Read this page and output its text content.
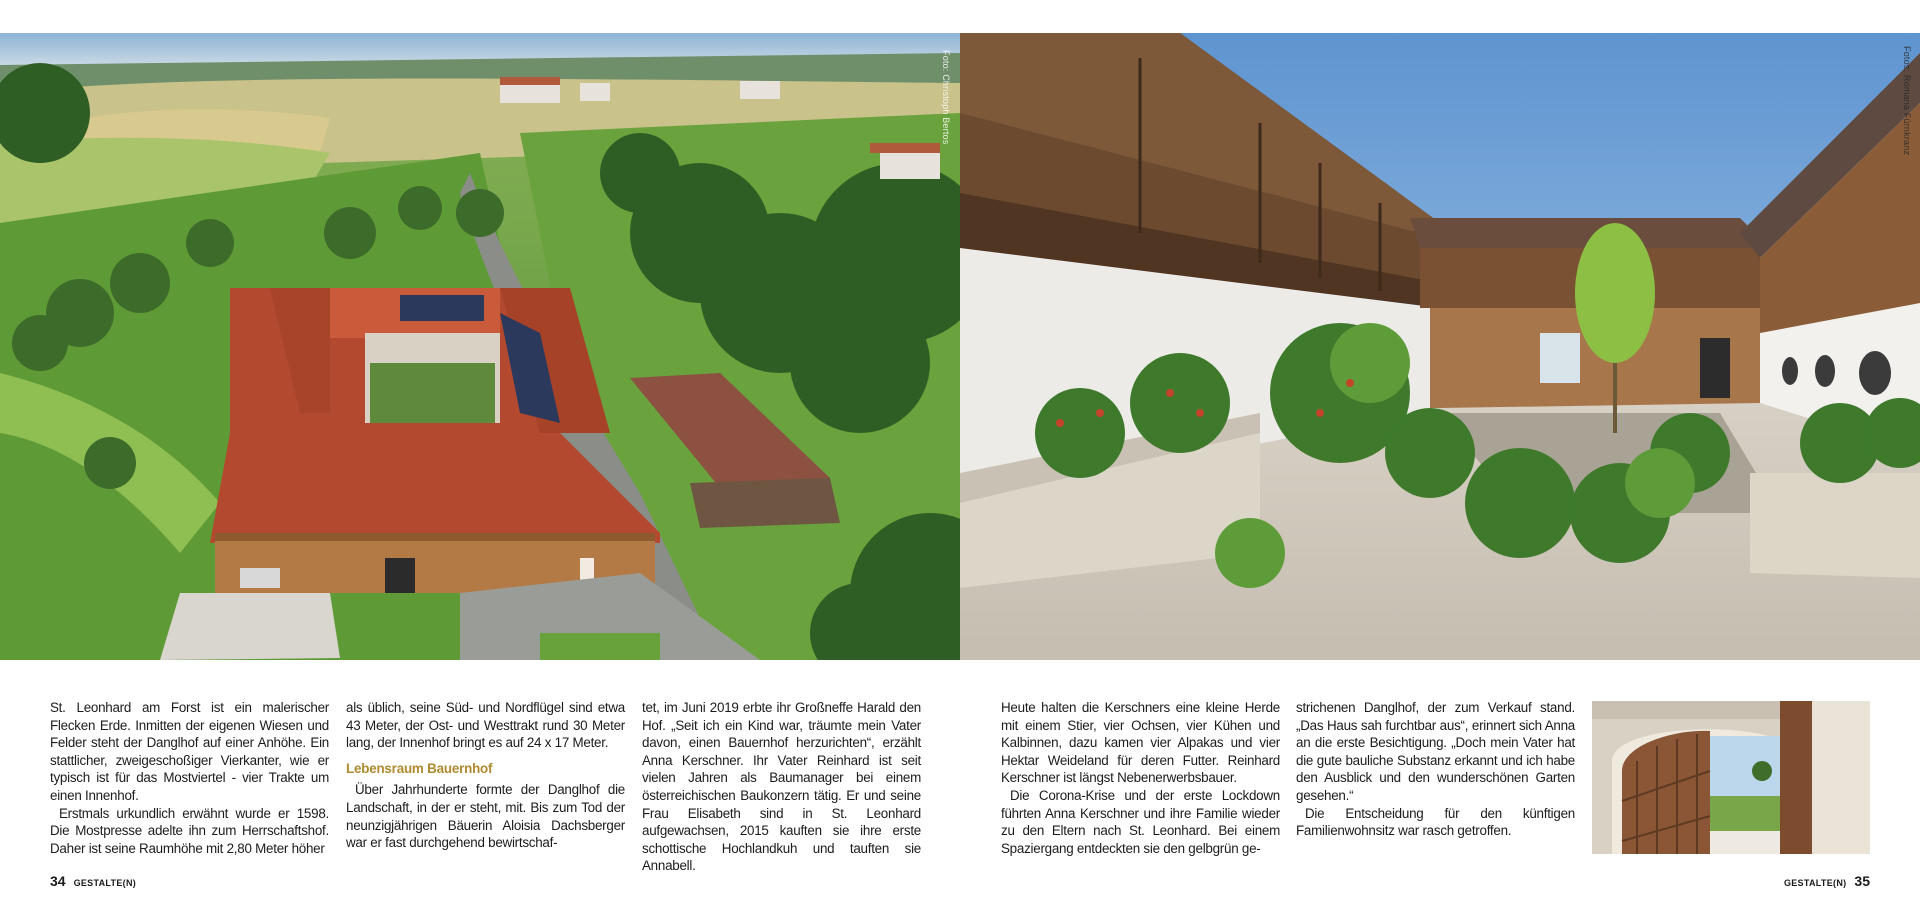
Foto: Christoph Bertos	Fotos: Romana Fürnkranz

St. Leonhard am Forst ist ein malerischer Flecken Erde. Inmitten der eigenen Wiesen und Felder steht der Danglhof auf einer Anhöhe. Ein stattlicher, zweigeschoßiger Vierkanter, wie er typisch ist für das Mostviertel - vier Trakte um einen Innenhof.

Erstmals urkundlich erwähnt wurde er 1598. Die Mostpresse adelte ihn zum Herrschaftshof. Daher ist seine Raumhöhe mit 2,80 Meter höher

als üblich, seine Süd- und Nordflügel sind etwa 43 Meter, der Ost- und Westtrakt rund 30 Meter lang, der Innenhof bringt es auf 24 x 17 Meter.

Lebensraum Bauernhof

Über Jahrhunderte formte der Danglhof die Landschaft, in der er steht, mit. Bis zum Tod der neunzigjährigen Bäuerin Aloisia Dachsberger war er fast durchgehend bewirtschaf-

tet, im Juni 2019 erbte ihr Großneffe Harald den Hof. „Seit ich ein Kind war, träumte mein Vater davon, einen Bauernhof herzurichten“, erzählt Anna Kerschner. Ihr Vater Reinhard ist seit vielen Jahren als Baumanager bei einem österreichischen Baukonzern tätig. Er und seine Frau Elisabeth sind in St. Leonhard aufgewachsen, 2015 kauften sie ihre erste schottische Hochlandkuh und tauften sie Annabell.

Heute halten die Kerschners eine kleine Herde mit einem Stier, vier Ochsen, vier Kühen und Kalbinnen, dazu kamen vier Alpakas und vier Hektar Weideland für deren Futter. Reinhard Kerschner ist längst Nebenerwerbsbauer.

Die Corona-Krise und der erste Lockdown führten Anna Kerschner und ihre Familie wieder zu den Eltern nach St. Leonhard. Bei einem Spaziergang entdeckten sie den gelbgrün ge-

strichenen Danglhof, der zum Verkauf stand. „Das Haus sah furchtbar aus“, erinnert sich Anna an die erste Besichtigung. „Doch mein Vater hat die gute bauliche Substanz erkannt und ich habe den Ausblick und den wunderschönen Garten gesehen.“

Die Entscheidung für den künftigen Familienwohnsitz war rasch getroffen.

34 GESTALTE(N)	GESTALTE(N) 35
